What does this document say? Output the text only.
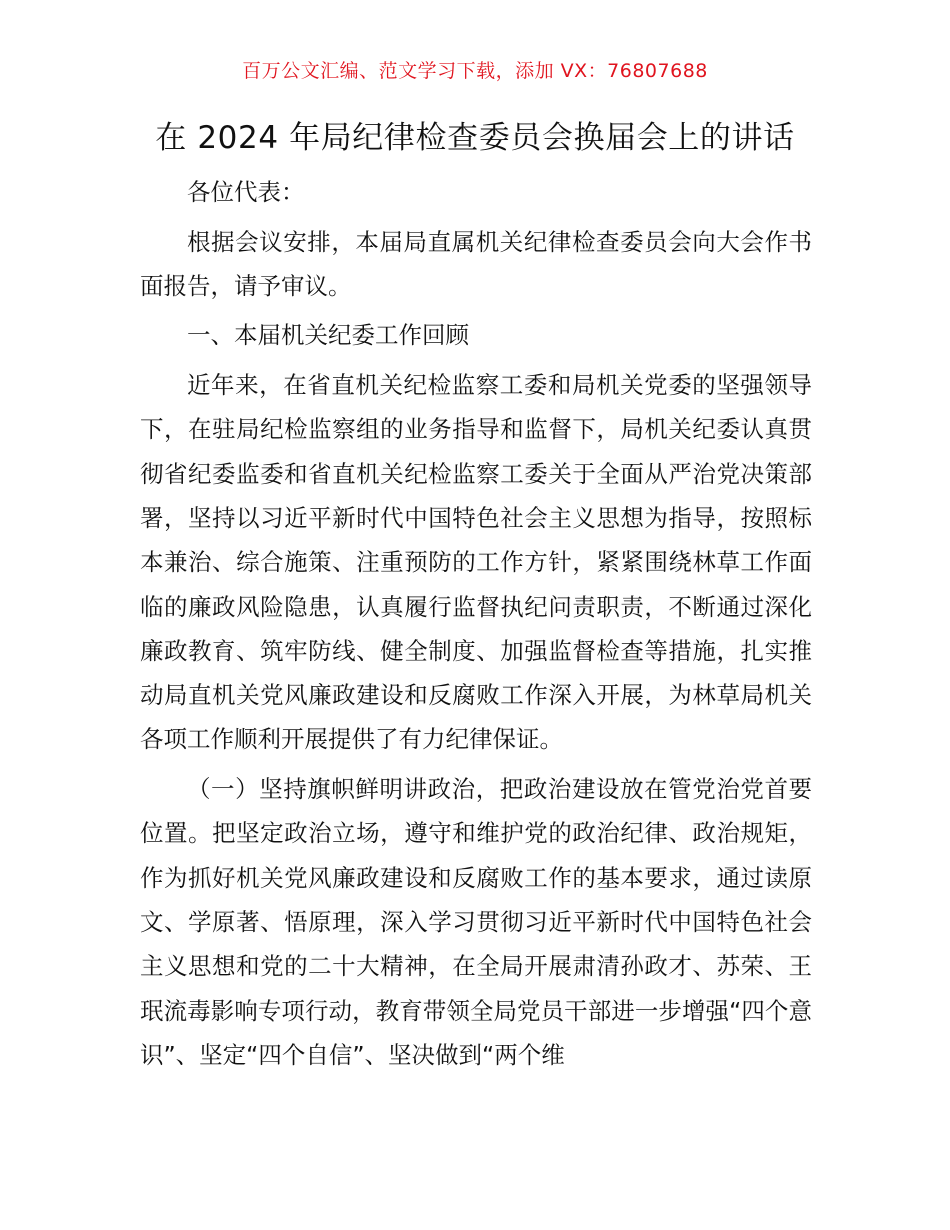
百万公文汇编、范文学习下载，添加 VX：76807688
在 2024 年局纪律检查委员会换届会上的讲话

各位代表：

根据会议安排，本届局直属机关纪律检查委员会向大会作书面报告，请予审议。

一、本届机关纪委工作回顾

近年来，在省直机关纪检监察工委和局机关党委的坚强领导下，在驻局纪检监察组的业务指导和监督下，局机关纪委认真贯彻省纪委监委和省直机关纪检监察工委关于全面从严治党决策部署，坚持以习近平新时代中国特色社会主义思想为指导，按照标本兼治、综合施策、注重预防的工作方针，紧紧围绕林草工作面临的廉政风险隐患，认真履行监督执纪问责职责，不断通过深化廉政教育、筑牢防线、健全制度、加强监督检查等措施，扎实推动局直机关党风廉政建设和反腐败工作深入开展，为林草局机关各项工作顺利开展提供了有力纪律保证。

（一）坚持旗帜鲜明讲政治，把政治建设放在管党治党首要位置。把坚定政治立场，遵守和维护党的政治纪律、政治规矩，作为抓好机关党风廉政建设和反腐败工作的基本要求，通过读原文、学原著、悟原理，深入学习贯彻习近平新时代中国特色社会主义思想和党的二十大精神，在全局开展肃清孙政才、苏荣、王珉流毒影响专项行动，教育带领全局党员干部进一步增强“四个意识”、坚定“四个自信”、坚决做到“两个维
